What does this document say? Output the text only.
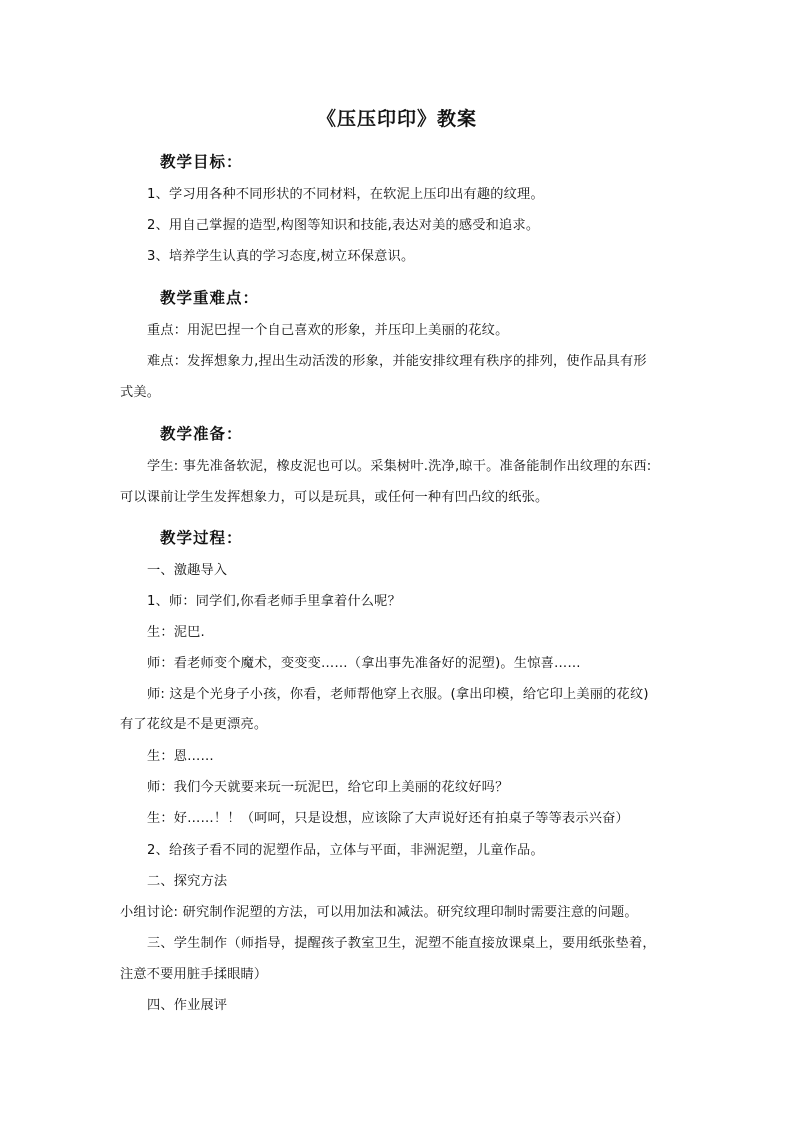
《压压印印》教案
教学目标：
1、学习用各种不同形状的不同材料，在软泥上压印出有趣的纹理。
2、用自己掌握的造型,构图等知识和技能,表达对美的感受和追求。
3、培养学生认真的学习态度,树立环保意识。
教学重难点：
重点：用泥巴捏一个自己喜欢的形象，并压印上美丽的花纹。
难点：发挥想象力,捏出生动活泼的形象，并能安排纹理有秩序的排列，使作品具有形
式美。
教学准备：
学生: 事先准备软泥，橡皮泥也可以。采集树叶.洗净,晾干。准备能制作出纹理的东西:
可以课前让学生发挥想象力，可以是玩具，或任何一种有凹凸纹的纸张。
教学过程：
一、激趣导入
1、师：同学们,你看老师手里拿着什么呢？
生：泥巴.
师：看老师变个魔术，变变变……（拿出事先准备好的泥塑)。生惊喜……
师: 这是个光身子小孩，你看，老师帮他穿上衣服。(拿出印模，给它印上美丽的花纹)
有了花纹是不是更漂亮。
生：恩……
师：我们今天就要来玩一玩泥巴，给它印上美丽的花纹好吗？
生：好……！！（呵呵，只是设想，应该除了大声说好还有拍桌子等等表示兴奋）
2、给孩子看不同的泥塑作品，立体与平面，非洲泥塑，儿童作品。
二、探究方法
小组讨论: 研究制作泥塑的方法，可以用加法和减法。研究纹理印制时需要注意的问题。
三、学生制作（师指导，提醒孩子教室卫生，泥塑不能直接放课桌上，要用纸张垫着，
注意不要用脏手揉眼睛）
四、作业展评
